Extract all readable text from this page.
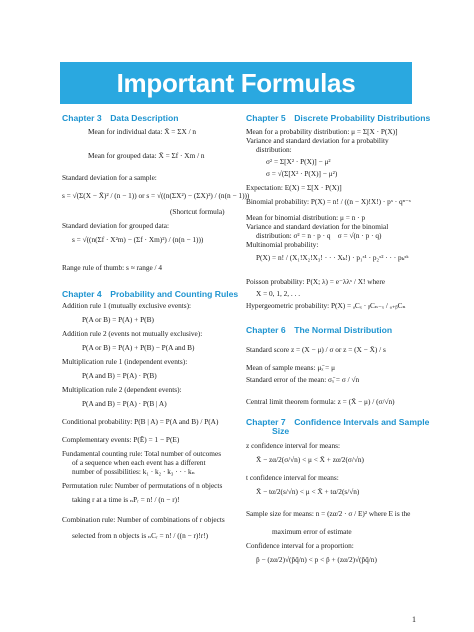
Important Formulas
Chapter 3 Data Description
Mean for individual data: X̄ = ΣX / n
Mean for grouped data: X̄ = Σf · Xm / n
Standard deviation for a sample:
s = √(Σ(X − X̄)² / (n − 1)) or s = √((n(ΣX²) − (ΣX)²) / (n(n − 1)))
(Shortcut formula)
Standard deviation for grouped data:
s = √((n(Σf · X²m) − (Σf · Xm)²) / (n(n − 1)))
Range rule of thumb: s ≈ range / 4
Chapter 4 Probability and Counting Rules
Addition rule 1 (mutually exclusive events):
P(A or B) = P(A) + P(B)
Addition rule 2 (events not mutually exclusive):
P(A or B) = P(A) + P(B) − P(A and B)
Multiplication rule 1 (independent events):
P(A and B) = P(A) · P(B)
Multiplication rule 2 (dependent events):
P(A and B) = P(A) · P(B | A)
Conditional probability: P(B | A) = P(A and B) / P(A)
Complementary events: P(Ē) = 1 − P(E)
Fundamental counting rule: Total number of outcomes
of a sequence when each event has a different
number of possibilities: k₁ · k₂ · k₃ · · · kₙ
Permutation rule: Number of permutations of n objects
taking r at a time is ₙPᵣ = n! / (n − r)!
Combination rule: Number of combinations of r objects
selected from n objects is ₙCᵣ = n! / ((n − r)!r!)
Chapter 5 Discrete Probability Distributions
Mean for a probability distribution: μ = Σ[X · P(X)]
Variance and standard deviation for a probability
distribution:
σ² = Σ[X² · P(X)] − μ²
σ = √(Σ[X² · P(X)] − μ²)
Expectation: E(X) = Σ[X · P(X)]
Binomial probability: P(X) = n! / ((n − X)!X!) · pˣ · qⁿ⁻ˣ
Mean for binomial distribution: μ = n · p
Variance and standard deviation for the binomial
distribution: σ² = n · p · q σ = √(n · p · q)
Multinomial probability:
P(X) = n! / (X₁!X₂!X₃! · · · Xₖ!) · p₁ˣ¹ · p₂ˣ² · · · pₖˣᵏ
Poisson probability: P(X; λ) = e⁻λλˣ / X! where
X = 0, 1, 2, . . .
Hypergeometric probability: P(X) = ₐCₓ · ᵦCₙ₋ₓ / ₐ₊ᵦCₙ
Chapter 6 The Normal Distribution
Standard score z = (X − μ) / σ or z = (X − X̄) / s
Mean of sample means: μₓ̄ = μ
Standard error of the mean: σₓ̄ = σ / √n
Central limit theorem formula: z = (X̄ − μ) / (σ/√n)
Chapter 7 Confidence Intervals and Sample
Size
z confidence interval for means:
X̄ − zα/2(σ/√n) < μ < X̄ + zα/2(σ/√n)
t confidence interval for means:
X̄ − tα/2(s/√n) < μ < X̄ + tα/2(s/√n)
Sample size for means: n = (zα/2 · σ / E)² where E is the
maximum error of estimate
Confidence interval for a proportion:
p̂ − (zα/2)√(p̂q̂/n) < p < p̂ + (zα/2)√(p̂q̂/n)
1
